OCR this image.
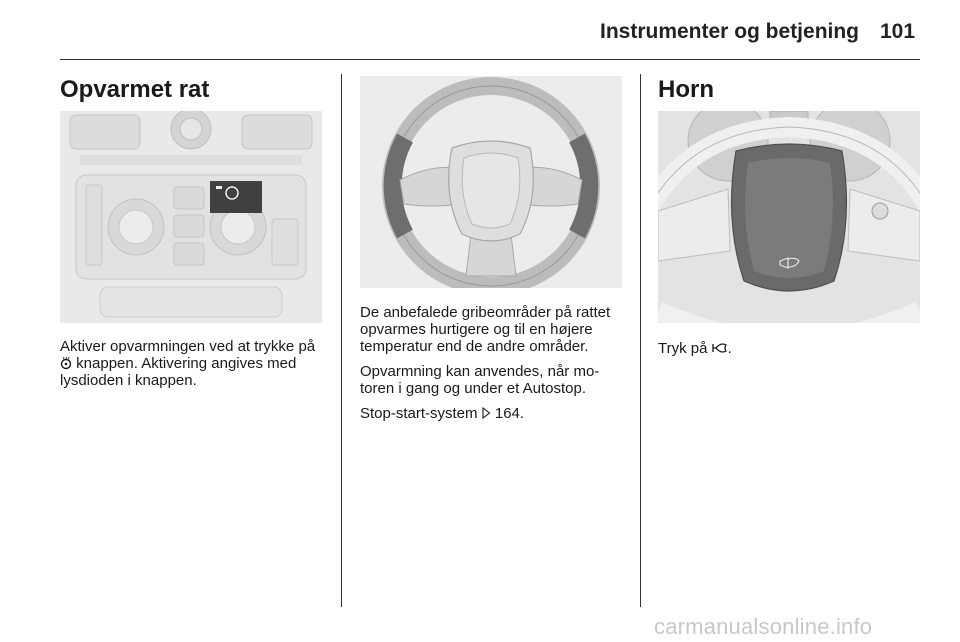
Instrumenter og betjening 101
Opvarmet rat

Aktiver opvarmningen ved at trykke på
knappen. Aktivering angives med lysdioden i knappen.

De anbefalede gribeområder på rattet opvarmes hurtigere og til en højere temperatur end de andre områder.

Opvarmning kan anvendes, når mo-toren i gang og under et Autostop.

Stop-start-system
164.

Horn

Tryk på
.

carmanualsonline.info
